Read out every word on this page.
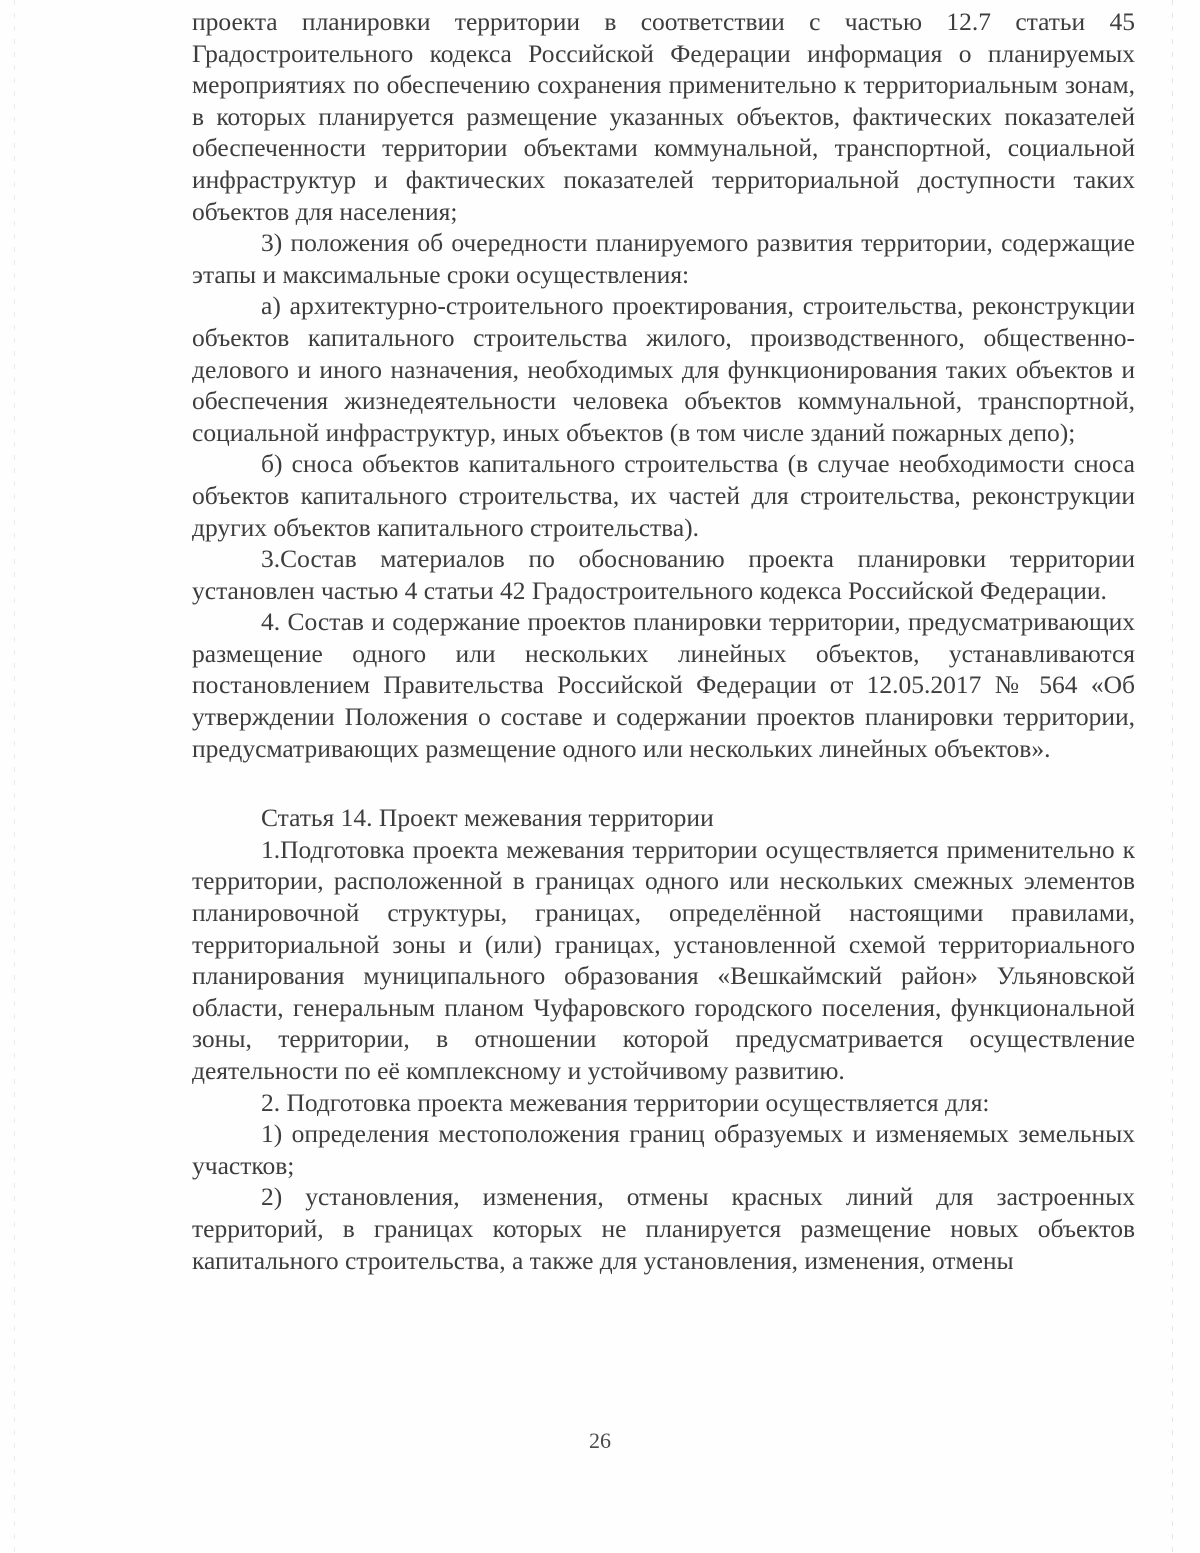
проекта планировки территории в соответствии с частью 12.7 статьи 45 Градостроительного кодекса Российской Федерации информация о планируемых мероприятиях по обеспечению сохранения применительно к территориальным зонам, в которых планируется размещение указанных объектов, фактических показателей обеспеченности территории объектами коммунальной, транспортной, социальной инфраструктур и фактических показателей территориальной доступности таких объектов для населения;

3) положения об очередности планируемого развития территории, содержащие этапы и максимальные сроки осуществления:

а) архитектурно-строительного проектирования, строительства, реконструкции объектов капитального строительства жилого, производственного, общественно-делового и иного назначения, необходимых для функционирования таких объектов и обеспечения жизнедеятельности человека объектов коммунальной, транспортной, социальной инфраструктур, иных объектов (в том числе зданий пожарных депо);

б) сноса объектов капитального строительства (в случае необходимости сноса объектов капитального строительства, их частей для строительства, реконструкции других объектов капитального строительства).

3.Состав материалов по обоснованию проекта планировки территории установлен частью 4 статьи 42 Градостроительного кодекса Российской Федерации.

4. Состав и содержание проектов планировки территории, предусматривающих размещение одного или нескольких линейных объектов, устанавливаются постановлением Правительства Российской Федерации от 12.05.2017 № 564 «Об утверждении Положения о составе и содержании проектов планировки территории, предусматривающих размещение одного или нескольких линейных объектов».

Статья 14. Проект межевания территории

1.Подготовка проекта межевания территории осуществляется применительно к территории, расположенной в границах одного или нескольких смежных элементов планировочной структуры, границах, определённой настоящими правилами, территориальной зоны и (или) границах, установленной схемой территориального планирования муниципального образования «Вешкаймский район» Ульяновской области, генеральным планом Чуфаровского городского поселения, функциональной зоны, территории, в отношении которой предусматривается осуществление деятельности по её комплексному и устойчивому развитию.

2. Подготовка проекта межевания территории осуществляется для:

1) определения местоположения границ образуемых и изменяемых земельных участков;

2) установления, изменения, отмены красных линий для застроенных территорий, в границах которых не планируется размещение новых объектов капитального строительства, а также для установления, изменения, отмены

26
